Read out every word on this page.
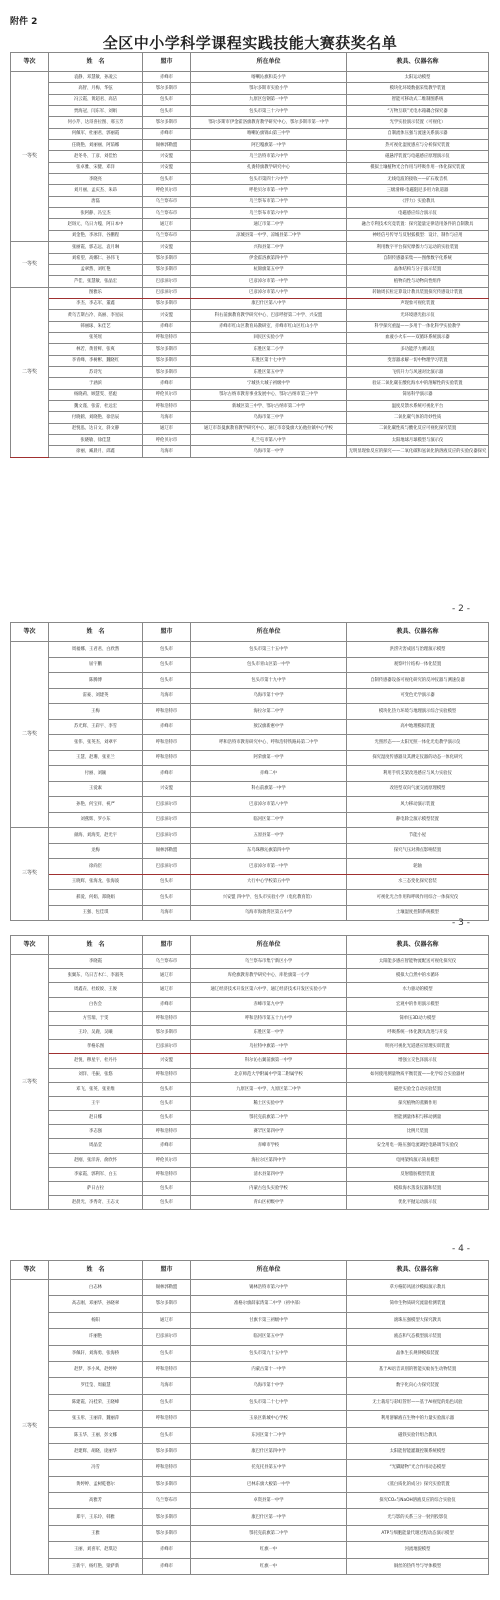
附件 2
全区中小学科学课程实践技能大赛获奖名单
等次	姓　名	盟市	所在单位	教具、仪器名称
一等奖	袁静、邓慧敏、孙凌云	赤峰市	喀喇沁旗和美小学	太阳运动模型
	高智、月梅、华弦	鄂尔多斯市	鄂尔多斯市实验小学	模块化环境数据采集教学装置
	冯云霞、黄超君、高洁	包头市	九原区包钢第一中学	智能可移动式二维制图系统
	贾海冠、闫东军、刘娟	包头市	包头市第三十六中学	“万物互联”光电水箱耦合探究器
	何小芹、达哥喜拉图、邢玉芳	鄂尔多斯市	鄂尔多斯市伊金霍洛旗教育教学研究中心、鄂尔多斯市第一中学	光学实验演示装置（可视化）
	何佩军、杜丽君、郭丽霞	赤峰市	喀喇沁旗锦山第三中学	自制流体压强与流速关系演示器
	任晓艳、刘丽丽、阿茹娜	锡林郭勒盟	阿巴嘎旗第一中学	热可视化湿度感应与分析探究装置
	赵冬冬、丁彦、刘佳怡	兴安盟	乌兰浩特市第六中学	磁悬浮装置与电磁感应原理演示仪
	张卓雅、宋健、邓洋	兴安盟	扎赉特旗教学研究中心	模拟土壤植物光合作用与呼吸作用一体化探究装置
	李晓亮	包头市	包头市第四十六中学	无线电波的接收——矿石收音机
	刘月丽、孟庆杰、朱昂	呼伦贝尔市	呼伦贝尔市第一中学	三级滑梯·电磁阻尼多用力轨道器
	唐磊	乌兰察布市	乌兰察布市第二中学	《浮力》实验教具
	张阿静、冯宝杰	乌兰察布市	乌兰察布市第六中学	电磁感应综合演示仪
	赵斑元、乌日力嘎、阿日本中	通辽市	通辽市第二中学	融合专利技术究竟装置：探究能量定律适用条件的自制教具
	刘金艳、李冰洋、谷鹏程	乌兰察布市	凉城县第一中学、凉城县第二中学	神经信号传导与反射弧模型：设计、制作与应用
一等奖	张丽霞、郭志远、袁月琳	兴安盟	兴和县第二中学	利用数字平台探究摩擦力与运动的实验装置
	刘希望、高娜仁、孙伟飞	鄂尔多斯市	伊金霍洛旗第四中学	自制传感器采集——图像数字化系统
	孟翠然、刘红艳	鄂尔多斯市	杭锦旗第五中学	晶体结构与分子演示装置
	芦佳、张慧敏、张晶宏	巴彦淖尔市	巴彦淖尔市第一中学	植物向性与动物向性组件
二等奖	图雅乐	巴彦淖尔市	巴彦淖尔市第八中学	转轴周长粒定算设计教具装置探究传感设计装置
	李杰、李志军、董鑫	鄂尔多斯市	康巴什区第八中学	声现象可视化装置
	黄乌吉斯古冷、高丽、李星辰	兴安盟	科右前旗教育教学研究中心、巴彦呼舒第二中学、兴安盟	光环境感光指示仪
	韩丽琢、朱佳艺	赤峰市	赤峰市红山区教育局教研室、赤峰市红山区红山小学	科学探究重温——多用于一体化科学实验教学
	张英瑶	呼和浩特市	回民区实验小学	血液小火车——双循环系统演示器
	林若、黄曾鲜、张爽	鄂尔多斯市	东胜区第二小学	多功能浮力测试仪
	李青峰、李树彬、魏晓红	鄂尔多斯市	东胜区第十七中学	变容器求解一切中物理学习装置
	苏诗光	鄂尔多斯市	东胜区第五中学	飞机升力与风速对比演示器
	于涵滨	赤峰市	宁城县大城子初级中学	验证二氧化碳在酸化海水中的溶解性的实验装置
	杨晓莉、顾慧雯、慈彪	呼伦贝尔市	鄂尔古纳市教育事业发展中心、鄂尔古纳市第三中学	简易科学演示器
	魏文谨、张雷、杜远宏	呼和浩特市	新城区第三中学、鄂尔古纳市第二中学	温度反馈水系统可视化平台
	付晓鹤、刘晓艳、徐浩辰	乌海市	乌海市第三中学	二氧化碳气体的奇妙性质
	赵悦泓、达日文、斜文静	通辽市	通辽市奈曼旗教育教学研究中心、通辽市奈曼旗大沁他拉镇中心学校	二氧化碳性质与酸化反应可视化探究装置
	张晓敏、徐佳慧	呼伦贝尔市	扎兰屯市第八中学	太阳地球月球模型与演示仪
	徐丽、臧晨月、邱鑫	乌海市	乌海市第一中学	无明显现象反应的探究——二氧化碳和氢氧化钠溶液反应的实验仪器探究
- 2 -
等次	姓　名	盟市	所在单位	教具、仪器名称
二等奖	周福娜、王君君、白欣然	包头市	包头市第三十五中学	洪涝灾害成因与治理演示模型
	屈宇鹏	包头市	包头市青山区第一中学	观察叶片结构一体化装置
	陈腾博	包头市	包头市第十九中学	自制传感器设备可视化研究的反冲仪器与测速仪器
	雷豪、刘建英	乌海市	乌海市第十中学	可变色光学演示器
	王梅	呼和浩特市	海拉尔第二中学	模块化热力环境与地理演示综合实验模型
	苏光辉、王彩宇、李雪	赤峰市	敖汉旗新惠中学	高中地理模拟装置
	张伟、张英杰、刘翠平	呼和浩特市	呼和浩特市教育研究中心、呼和浩特铁路局第二中学	光照形态——太阳光照一体化光电教学演示仪
	王慧、赵珊、张亚兰	呼和浩特市	阿荣旗第一中学	探究湿度传感器及其测定仪器的动态一体化研究
	付丽、刘颖	赤峰市	赤峰二中	利用手机支架改进感应与风力实验仪
	王爱素	兴安盟	科右前旗第一中学	改进型双向气流交流原理模型
	孙艳、何宝祥、祝严	巴彦淖尔市	巴彦淖尔市第八中学	风力移动演示装置
	刘燕辉、罗小东	巴彦淖尔市	临河区第二中学	静电除尘演示模型装置
三等奖	颜海、刘海雯、赵光宇	巴彦淖尔市	五原县第一中学	节能小屋
	龙梅	锡林郭勒盟	东乌珠穆沁旗第四中学	探究气压对沸点影响装置
	徐尚臣	巴彦淖尔市	巴彦淖尔市第一中学	轮轴
	王晓辉、张海龙、张海波	包头市	大行中心学校第五中学	水三态变化探究套装
	郝爱、何娟、郑晓娟	包头市	兴安盟 四中学、包头市实验小学（电化教育馆）	可视化光合作用和呼吸作用综合一体探究仪
	王强、包佳琪	乌海市	乌海市海勃湾区第五中学	土壤湿度控制系统模型
- 3 -
等次	姓　名	盟市	所在单位	教具、仪器名称
三等奖	李晓霞	乌兰察布市	乌兰察布市集宁新区小学	太阳能多感应智能物流配送可视化探究仪
	张翼东、乌日吉木仁、李淑英	通辽市	库伦旗教育教学研究中心、库伦旗第一小学	模拟大自然中的水循环
	周鑫垚、杜姣姣、王俊	通辽市	通辽经济技术开发区第六中学、通辽经济技术开发区实验小学	水力驱动的模型
	白佐会	赤峰市	赤峰市第九中学	宏观中的作用演示模型
	方雪瑞、于雯	呼和浩特市	呼和浩特市第五十九中学	简单压3D动力模型
	王玲、吴鹿、吴曦	鄂尔多斯市	东胜区第一中学	呼吸系统一体化教具改进与开发
	孝格乐图	巴彦淖尔市	乌拉特中旗第一中学	明亮可视化光道感应原理实训装置
	赵悦、穆星宇、杜丹丹	兴安盟	科尔沁右翼前旗第一中学	增强立交色泽演示仪
	刘洋、毛振、张悠	呼和浩特市	北京师范大学附属中学第二附属学校	如何使用测量物质平衡装置——化学综合实验器材
	邓飞、张英、张亚维	包头市	九原区第一中学、九原区第二中学	磁控实验全自动实验装置
	王宇	包头市	稀土区实验中学	探究植物的蒸腾作用
	赵日娜	包头市	鄂托克前旗第二中学	智能测量体积与移动测量
	李志强	呼和浩特市	赛罕区第四中学	比例尺装置
	周晶莹	赤峰市	赤峰市学校	安全用电一路压强电流调控电路调节实验仪
	赵刚、张洋涛、俞欣怀	呼伦贝尔市	海拉尔区第四中学	电网架构演示简易模型
	李家霞、郭利军、白玉	呼和浩特市	清水县第四中学	反射脂肪模型装置
	萨日古拉	包头市	内蒙古包头实验学校	模拟海水蒸发仪器和装置
	赵晨光、李秀奇、王志文	包头市	青山区初级中学	优化平抛运动演示仪
- 4 -
等次	姓　名	盟市	所在单位	教具、仪器名称
三等奖	白志林	锡林郭勒盟	锡林浩特市第六中学	草方格防风固沙模拟演示教具
	高志刚、邓丽华、孙晓翠	鄂尔多斯市	准格尔旗薛家湾第二中学（初中部）	简单生物质研究流量检测装置
	杨阳	通辽市	甘旗卡第三初级中学	滚珠压强模型大探究教具
	许丽艳	巴彦淖尔市	临河区第五中学	液态和气态模型演示装置
	李佩轩、刘海勇、张海桥	包头市	包头市第九十五中学	晶体生长规律模拟装置
	赵梦、李小凤、赵婷婷	呼和浩特市	内蒙古第十一中学	基于AI语音识别的智能灭蚊仿生动物装置
	罗佳莹、周毅慧	乌海市	乌海市第十中学	数字化向心力探究装置
	陈建霞、冯桂荣、王晓峰	包头市	包头市第二十七中学	无土栽培与彩虹管形——基于AI视觉的焰色试验
	张玉彤、王丽萍、魏丽萍	呼和浩特市	玉泉区新城中心学校	利用溶解液在生物中的力量实验演示器
	陈玉华、王丽、彭文娜	包头市	东河区第十二中学	磁铁实验针组合教具
	赵建辉、胡晓、庞丽华	鄂尔多斯市	康巴什区第四中学	太阳能智能灌溉控制系统模型
	冯雪	呼和浩特市	托克托县第五中学	“光脚踏物”光合作用动态模型
	黄婷婷、孟树乾德尔	鄂尔多斯市	巴林东旗大板第一中学	《蒸白质化的成分》探究实验装置
	高雅芳	乌兰察布市	卓资县第一中学	探究CO₂与NaOH溶液反应的综合实验仪
	郑宇、王乐玲、韩雅	鄂尔多斯市	康巴什区第一中学	光与影的关系三分一射到投影仪
	王雅	鄂尔多斯市	鄂托克前旗第二中学	ATP与细胞能量代谢过程动态演示模型
	王丽、刘喜军、赵琪迈	赤峰市	红旗一中	河流地貌模型
	王新宇、杨红艳、梁萨新	赤峰市	红旗一中	铜丝的热传导与导体模型
